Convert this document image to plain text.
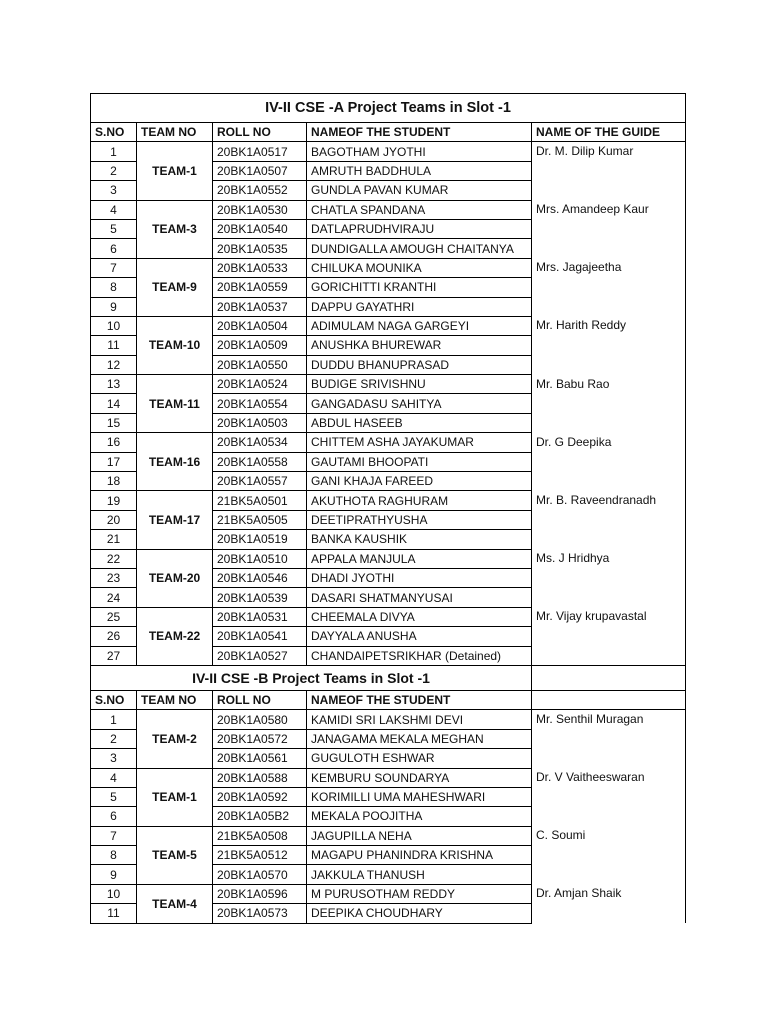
IV-II CSE -A Project Teams in Slot -1				
S.NO	TEAM NO	ROLL NO	NAMEOF THE STUDENT	NAME OF THE GUIDE
1	TEAM-1	20BK1A0517	BAGOTHAM JYOTHI	Dr. M. Dilip Kumar
2		20BK1A0507	AMRUTH BADDHULA	
3		20BK1A0552	GUNDLA PAVAN KUMAR	
4	TEAM-3	20BK1A0530	CHATLA SPANDANA	Mrs. Amandeep Kaur
5		20BK1A0540	DATLAPRUDHVIRAJU	
6		20BK1A0535	DUNDIGALLA AMOUGH CHAITANYA	
7	TEAM-9	20BK1A0533	CHILUKA MOUNIKA	Mrs. Jagajeetha
8		20BK1A0559	GORICHITTI KRANTHI	
9		20BK1A0537	DAPPU GAYATHRI	
10	TEAM-10	20BK1A0504	ADIMULAM NAGA GARGEYI	Mr. Harith Reddy
11		20BK1A0509	ANUSHKA BHUREWAR	
12		20BK1A0550	DUDDU BHANUPRASAD	
13	TEAM-11	20BK1A0524	BUDIGE SRIVISHNU	Mr. Babu Rao
14		20BK1A0554	GANGADASU SAHITYA	
15		20BK1A0503	ABDUL HASEEB	
16	TEAM-16	20BK1A0534	CHITTEM ASHA JAYAKUMAR	Dr. G Deepika
17		20BK1A0558	GAUTAMI BHOOPATI	
18		20BK1A0557	GANI KHAJA FAREED	
19	TEAM-17	21BK5A0501	AKUTHOTA RAGHURAM	Mr. B. Raveendranadh
20		21BK5A0505	DEETIPRATHYUSHA	
21		20BK1A0519	BANKA KAUSHIK	
22	TEAM-20	20BK1A0510	APPALA MANJULA	Ms. J Hridhya
23		20BK1A0546	DHADI JYOTHI	
24		20BK1A0539	DASARI SHATMANYUSAI	
25	TEAM-22	20BK1A0531	CHEEMALA DIVYA	Mr. Vijay krupavastal
26		20BK1A0541	DAYYALA ANUSHA	
27		20BK1A0527	CHANDAIPETSRIKHAR (Detained)	
IV-II CSE -B Project Teams in Slot -1				
S.NO	TEAM NO	ROLL NO	NAMEOF THE STUDENT	
1	TEAM-2	20BK1A0580	KAMIDI SRI LAKSHMI DEVI	Mr. Senthil Muragan
2		20BK1A0572	JANAGAMA MEKALA MEGHAN	
3		20BK1A0561	GUGULOTH ESHWAR	
4	TEAM-1	20BK1A0588	KEMBURU SOUNDARYA	Dr. V Vaitheeswaran
5		20BK1A0592	KORIMILLI UMA MAHESHWARI	
6		20BK1A05B2	MEKALA POOJITHA	
7	TEAM-5	21BK5A0508	JAGUPILLA NEHA	C. Soumi
8		21BK5A0512	MAGAPU PHANINDRA KRISHNA	
9		20BK1A0570	JAKKULA THANUSH	
10	TEAM-4	20BK1A0596	M PURUSOTHAM REDDY	Dr. Amjan Shaik
11		20BK1A0573	DEEPIKA CHOUDHARY	
